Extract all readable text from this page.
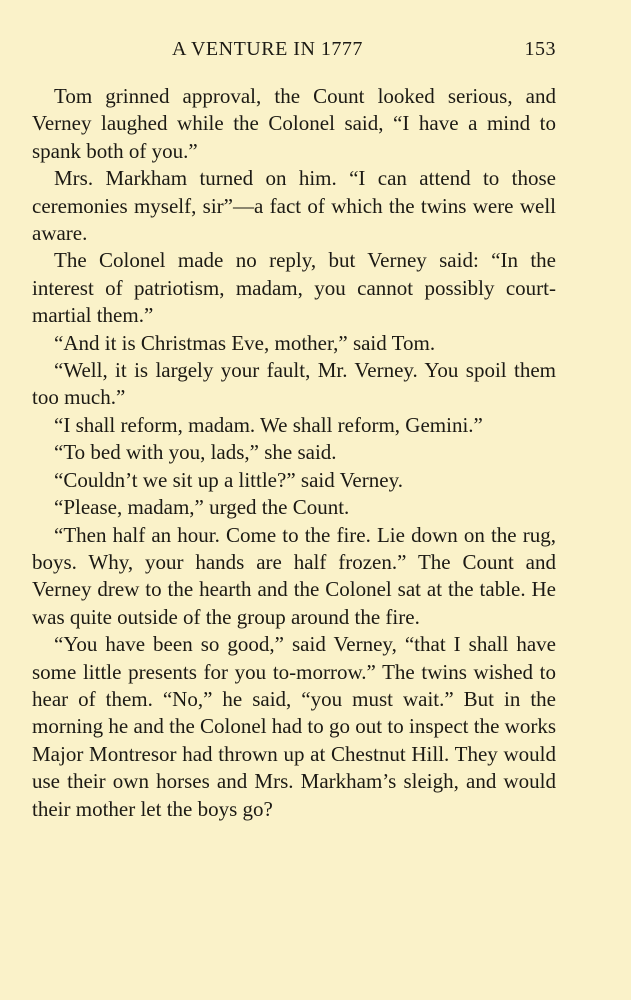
A VENTURE IN 1777	153

Tom grinned approval, the Count looked serious, and Verney laughed while the Colonel said, “I have a mind to spank both of you.”

Mrs. Markham turned on him. “I can attend to those ceremonies myself, sir”—a fact of which the twins were well aware.

The Colonel made no reply, but Verney said: “In the interest of patriotism, madam, you cannot possibly court-martial them.”

“And it is Christmas Eve, mother,” said Tom.

“Well, it is largely your fault, Mr. Verney. You spoil them too much.”

“I shall reform, madam. We shall reform, Gemini.”

“To bed with you, lads,” she said.

“Couldn’t we sit up a little?” said Verney.

“Please, madam,” urged the Count.

“Then half an hour. Come to the fire. Lie down on the rug, boys. Why, your hands are half frozen.” The Count and Verney drew to the hearth and the Colonel sat at the table. He was quite outside of the group around the fire.

“You have been so good,” said Verney, “that I shall have some little presents for you to-morrow.” The twins wished to hear of them. “No,” he said, “you must wait.” But in the morning he and the Colonel had to go out to inspect the works Major Montresor had thrown up at Chestnut Hill. They would use their own horses and Mrs. Markham’s sleigh, and would their mother let the boys go?
